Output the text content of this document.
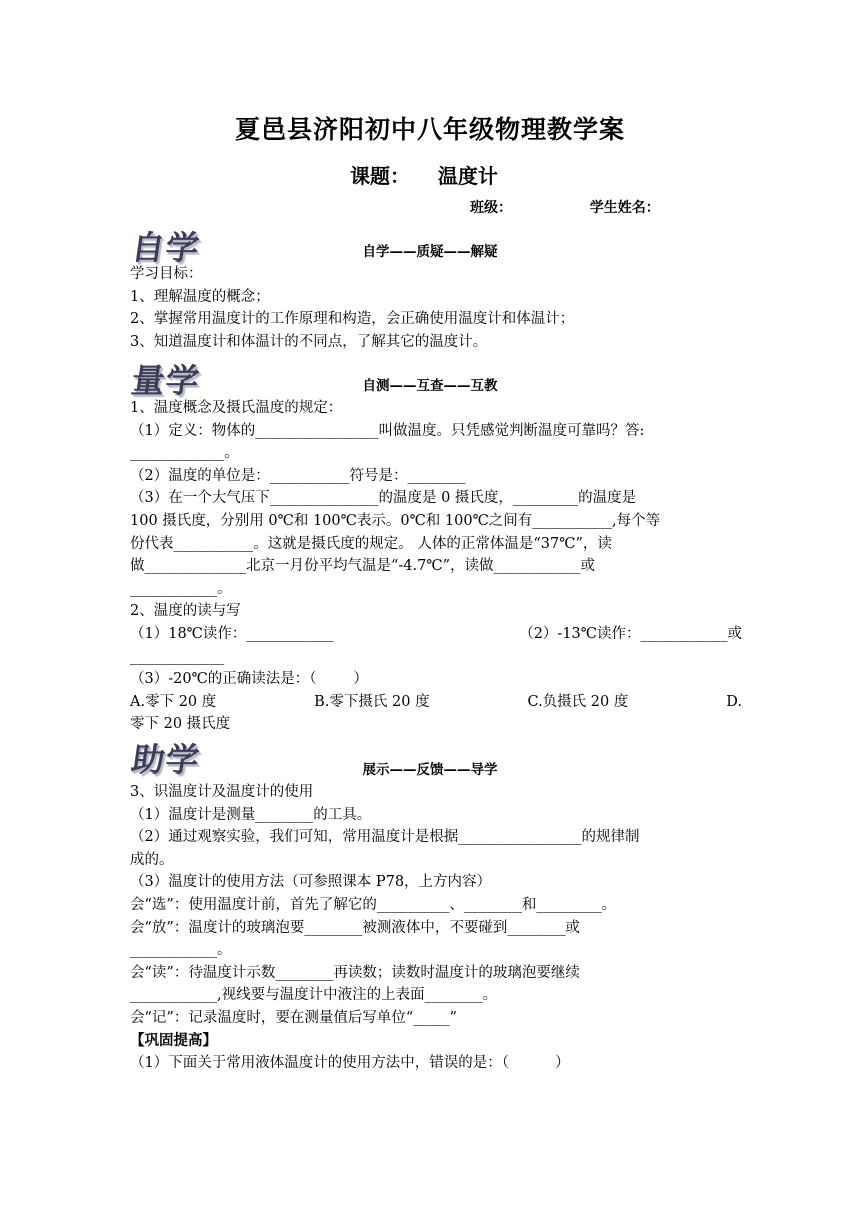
夏邑县济阳初中八年级物理教学案
课题： 温度计
班级：	学生姓名：
自学	自学——质疑——解疑
学习目标：
1、理解温度的概念；
2、掌握常用温度计的工作原理和构造，会正确使用温度计和体温计；
3、知道温度计和体温计的不同点，了解其它的温度计。
量学	自测——互查——互教
1、温度概念及摄氏温度的规定：
（1）定义：物体的_________________叫做温度。只凭感觉判断温度可靠吗？答:
_____________。
（2）温度的单位是：___________符号是：________
（3）在一个大气压下_______________的温度是 0 摄氏度，_________的温度是
100 摄氏度，分别用 0℃和 100℃表示。0℃和 100℃之间有___________,每个等
份代表___________。这就是摄氏度的规定。 人体的正常体温是“37℃”，读
做______________北京一月份平均气温是“-4.7℃”，读做____________或
____________。
2、温度的读与写
（1）18℃读作：____________	（2）-13℃读作：____________或
_____________
（3）-20℃的正确读法是：（        ）
A.零下 20 度	B.零下摄氏 20 度	C.负摄氏 20 度	D.
零下 20 摄氏度
助学	展示——反馈——导学
3、识温度计及温度计的使用
（1）温度计是测量________的工具。
（2）通过观察实验，我们可知，常用温度计是根据_________________的规律制
成的。
（3）温度计的使用方法（可参照课本 P78，上方内容）
会“选”：使用温度计前，首先了解它的__________、________和_________。
会“放”：温度计的玻璃泡要________被测液体中，不要碰到________或
____________。
会“读”：待温度计示数________再读数；读数时温度计的玻璃泡要继续
____________,视线要与温度计中液注的上表面________。
会“记”：记录温度时，要在测量值后写单位“_____”
【巩固提高】
（1）下面关于常用液体温度计的使用方法中，错误的是：（          ）
